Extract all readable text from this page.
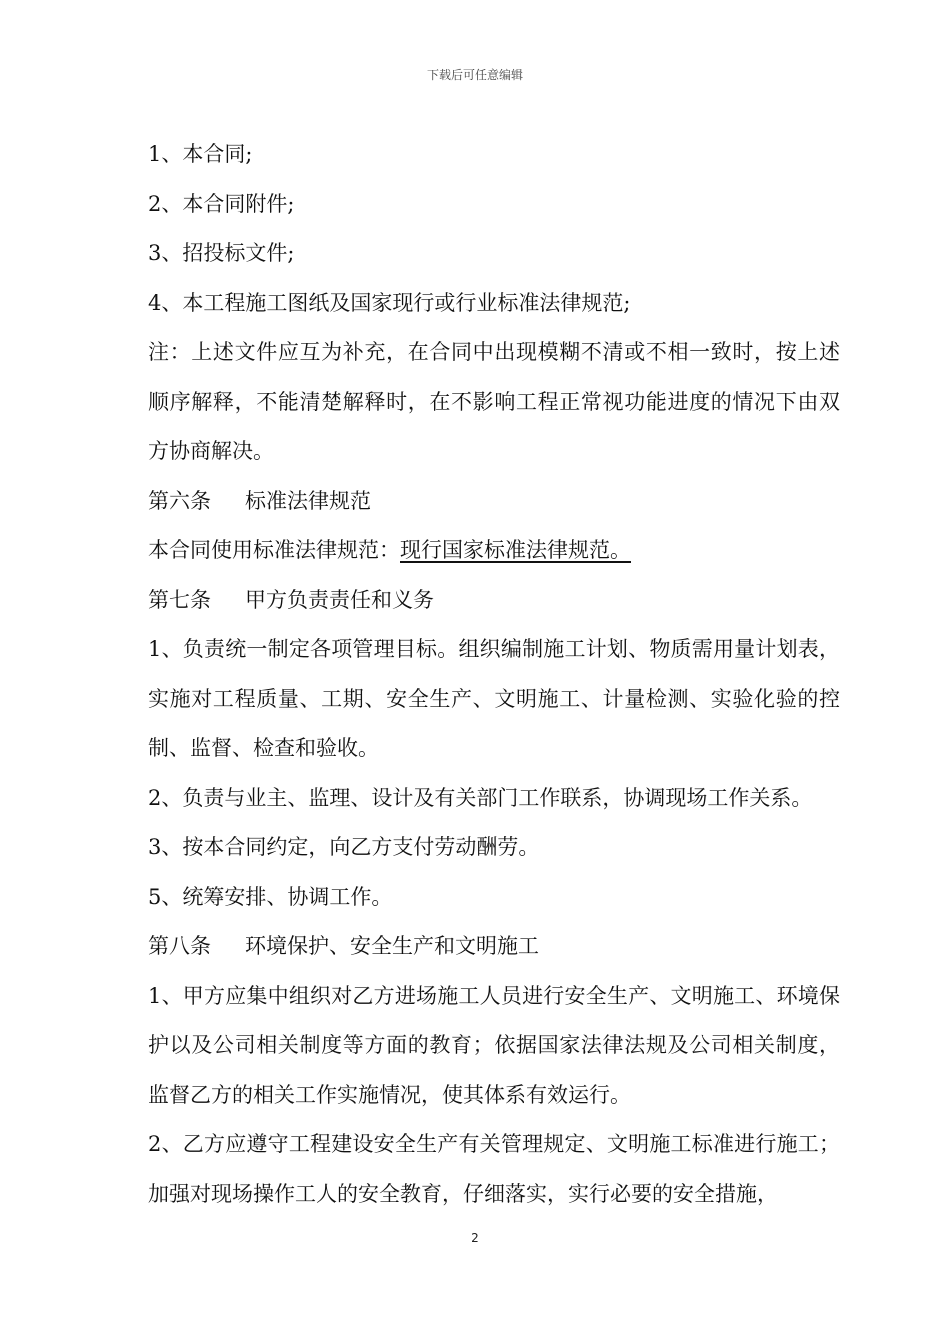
下载后可任意编辑

1、本合同;

2、本合同附件;

3、招投标文件;

4、本工程施工图纸及国家现行或行业标准法律规范;

注：上述文件应互为补充，在合同中出现模糊不清或不相一致时，按上述顺序解释，不能清楚解释时，在不影响工程正常视功能进度的情况下由双方协商解决。

第六条 标准法律规范

本合同使用标准法律规范：现行国家标准法律规范。

第七条 甲方负责责任和义务

1、负责统一制定各项管理目标。组织编制施工计划、物质需用量计划表，实施对工程质量、工期、安全生产、文明施工、计量检测、实验化验的控制、监督、检查和验收。

2、负责与业主、监理、设计及有关部门工作联系，协调现场工作关系。

3、按本合同约定，向乙方支付劳动酬劳。

5、统筹安排、协调工作。

第八条 环境保护、安全生产和文明施工

1、甲方应集中组织对乙方进场施工人员进行安全生产、文明施工、环境保护以及公司相关制度等方面的教育；依据国家法律法规及公司相关制度，监督乙方的相关工作实施情况，使其体系有效运行。

2、乙方应遵守工程建设安全生产有关管理规定、文明施工标准进行施工；加强对现场操作工人的安全教育，仔细落实，实行必要的安全措施，

2
